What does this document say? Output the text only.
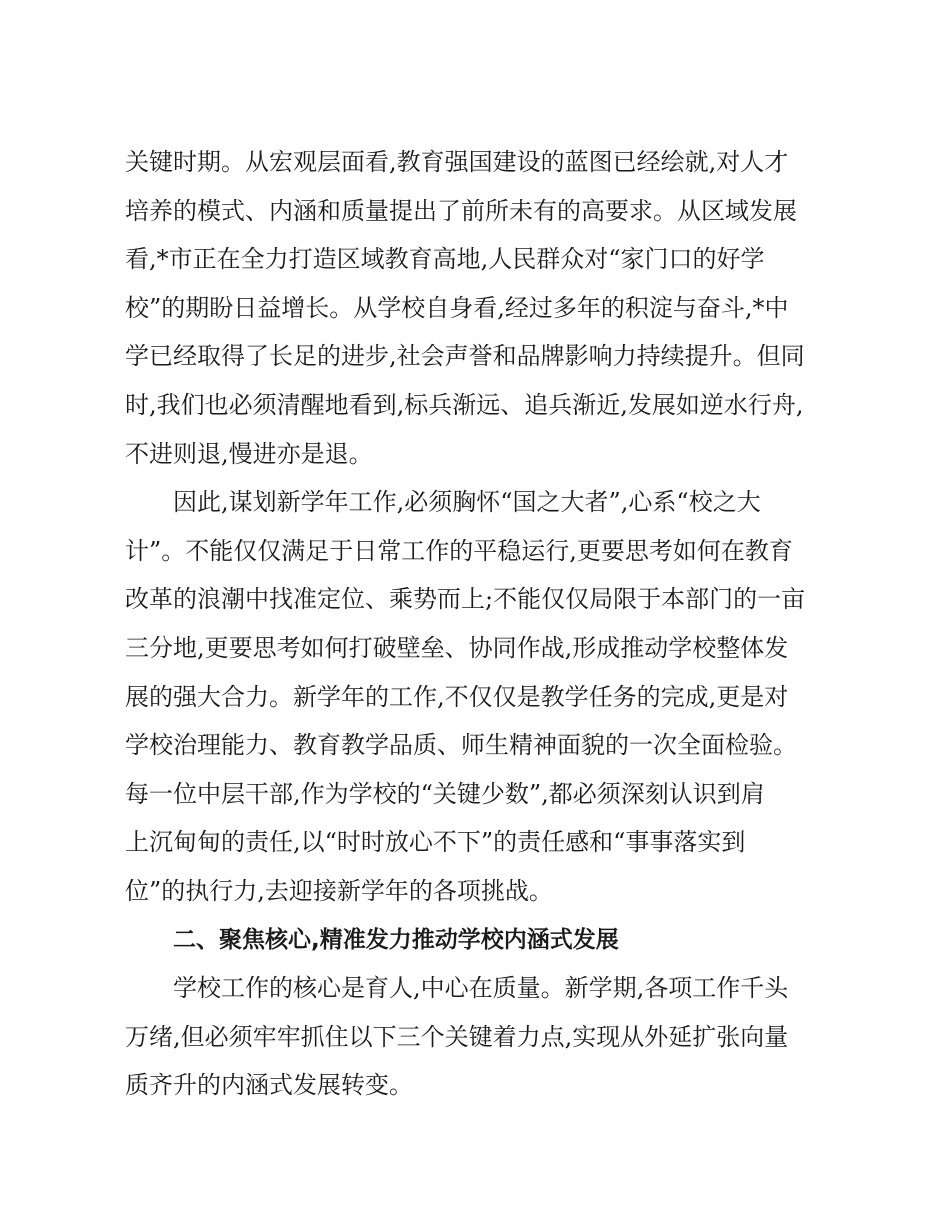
关键时期。从宏观层面看,教育强国建设的蓝图已经绘就,对人才
培养的模式、内涵和质量提出了前所未有的高要求。从区域发展
看,*市正在全力打造区域教育高地,人民群众对“家门口的好学
校”的期盼日益增长。从学校自身看,经过多年的积淀与奋斗,*中
学已经取得了长足的进步,社会声誉和品牌影响力持续提升。但同
时,我们也必须清醒地看到,标兵渐远、追兵渐近,发展如逆水行舟,
不进则退,慢进亦是退。
因此,谋划新学年工作,必须胸怀“国之大者”,心系“校之大
计”。不能仅仅满足于日常工作的平稳运行,更要思考如何在教育
改革的浪潮中找准定位、乘势而上;不能仅仅局限于本部门的一亩
三分地,更要思考如何打破壁垒、协同作战,形成推动学校整体发
展的强大合力。新学年的工作,不仅仅是教学任务的完成,更是对
学校治理能力、教育教学品质、师生精神面貌的一次全面检验。
每一位中层干部,作为学校的“关键少数”,都必须深刻认识到肩
上沉甸甸的责任,以“时时放心不下”的责任感和“事事落实到
位”的执行力,去迎接新学年的各项挑战。
二、聚焦核心,精准发力推动学校内涵式发展
学校工作的核心是育人,中心在质量。新学期,各项工作千头
万绪,但必须牢牢抓住以下三个关键着力点,实现从外延扩张向量
质齐升的内涵式发展转变。
